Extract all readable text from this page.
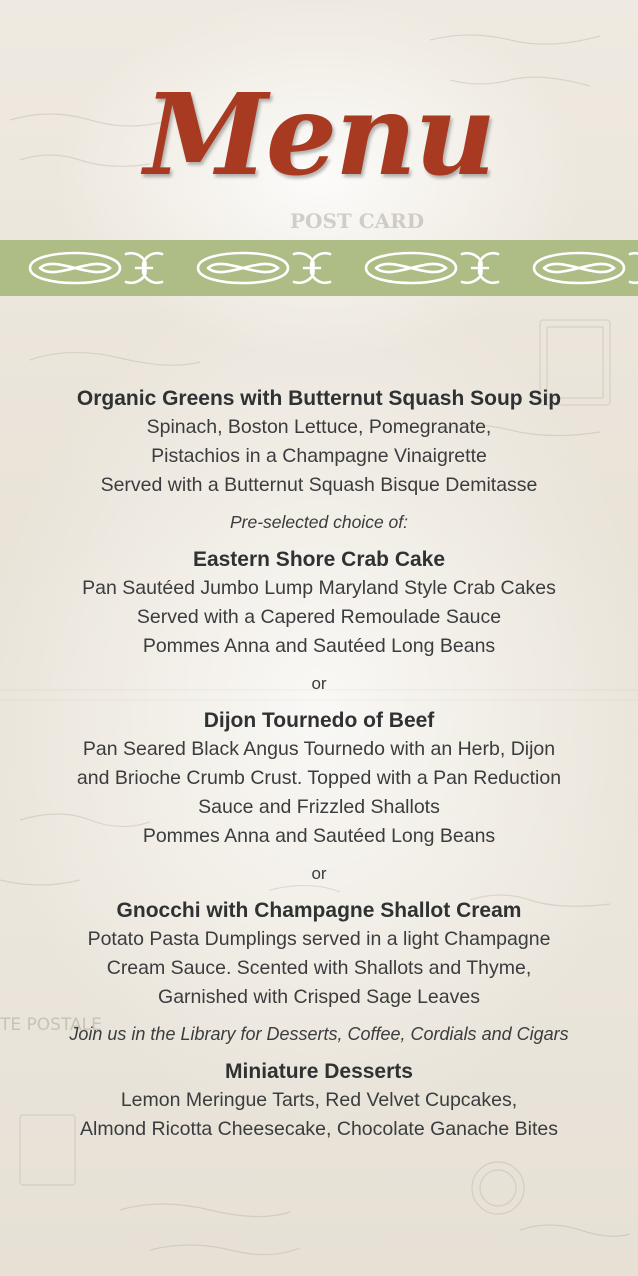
POST CARD
TE POSTALE
Menu
Organic Greens with Butternut Squash Soup Sip
Spinach, Boston Lettuce, Pomegranate,
Pistachios in a Champagne Vinaigrette
Served with a Butternut Squash Bisque Demitasse
Pre-selected choice of:
Eastern Shore Crab Cake
Pan Sautéed Jumbo Lump Maryland Style Crab Cakes
Served with a Capered Remoulade Sauce
Pommes Anna and Sautéed Long Beans
or
Dijon Tournedo of Beef
Pan Seared Black Angus Tournedo with an Herb, Dijon
and Brioche Crumb Crust. Topped with a Pan Reduction
Sauce and Frizzled Shallots
Pommes Anna and Sautéed Long Beans
or
Gnocchi with Champagne Shallot Cream
Potato Pasta Dumplings served in a light Champagne
Cream Sauce. Scented with Shallots and Thyme,
Garnished with Crisped Sage Leaves
Join us in the Library for Desserts, Coffee, Cordials and Cigars
Miniature Desserts
Lemon Meringue Tarts, Red Velvet Cupcakes,
Almond Ricotta Cheesecake, Chocolate Ganache Bites
